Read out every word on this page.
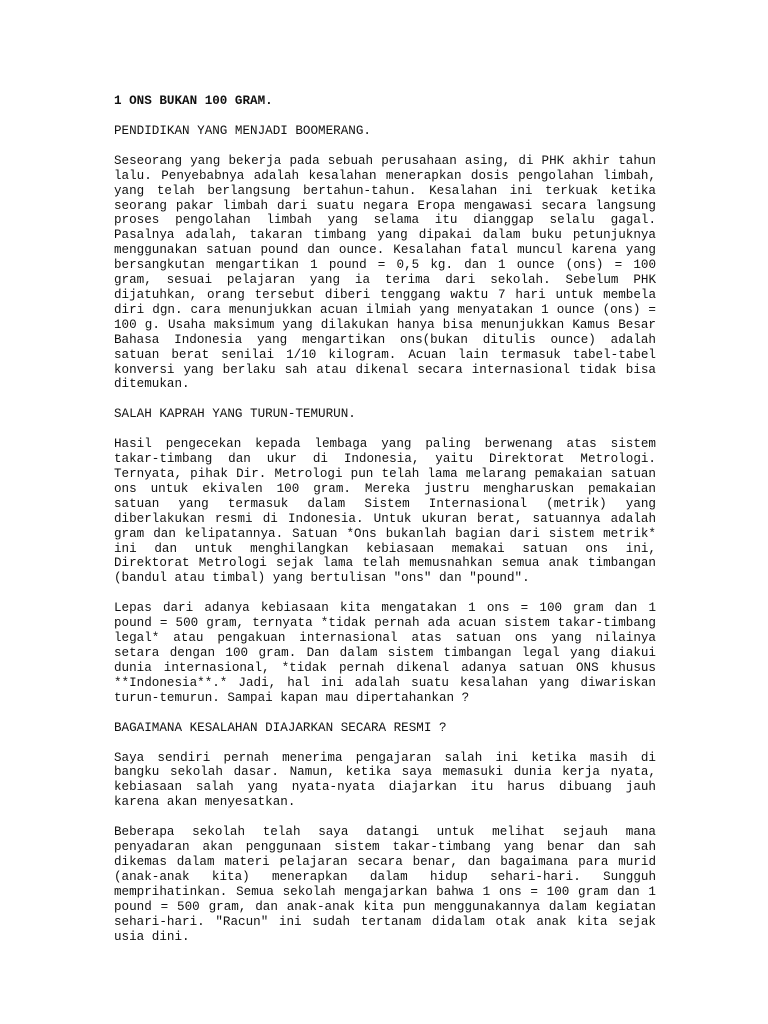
1 ONS BUKAN 100 GRAM.
PENDIDIKAN YANG MENJADI BOOMERANG.

Seseorang yang bekerja pada sebuah perusahaan asing, di PHK akhir tahun lalu. Penyebabnya adalah kesalahan menerapkan dosis pengolahan limbah, yang telah berlangsung bertahun-tahun. Kesalahan ini terkuak ketika seorang pakar limbah dari suatu negara Eropa mengawasi secara langsung proses pengolahan limbah yang selama itu dianggap selalu gagal. Pasalnya adalah, takaran timbang yang dipakai dalam buku petunjuknya menggunakan satuan pound dan ounce. Kesalahan fatal muncul karena yang bersangkutan mengartikan 1 pound = 0,5 kg. dan 1 ounce (ons) = 100 gram, sesuai pelajaran yang ia terima dari sekolah. Sebelum PHK dijatuhkan, orang tersebut diberi tenggang waktu 7 hari untuk membela diri dgn. cara menunjukkan acuan ilmiah yang menyatakan 1 ounce (ons) = 100 g. Usaha maksimum yang dilakukan hanya bisa menunjukkan Kamus Besar Bahasa Indonesia yang mengartikan ons(bukan ditulis ounce) adalah satuan berat senilai 1/10 kilogram. Acuan lain termasuk tabel-tabel konversi yang berlaku sah atau dikenal secara internasional tidak bisa ditemukan.

SALAH KAPRAH YANG TURUN-TEMURUN.

Hasil pengecekan kepada lembaga yang paling berwenang atas sistem takar-timbang dan ukur di Indonesia, yaitu Direktorat Metrologi. Ternyata, pihak Dir. Metrologi pun telah lama melarang pemakaian satuan ons untuk ekivalen 100 gram. Mereka justru mengharuskan pemakaian satuan yang termasuk dalam Sistem Internasional (metrik) yang diberlakukan resmi di Indonesia. Untuk ukuran berat, satuannya adalah gram dan kelipatannya. Satuan *Ons bukanlah bagian dari sistem metrik* ini dan untuk menghilangkan kebiasaan memakai satuan ons ini, Direktorat Metrologi sejak lama telah memusnahkan semua anak timbangan (bandul atau timbal) yang bertulisan "ons" dan "pound".

Lepas dari adanya kebiasaan kita mengatakan 1 ons = 100 gram dan 1 pound = 500 gram, ternyata *tidak pernah ada acuan sistem takar-timbang legal* atau pengakuan internasional atas satuan ons yang nilainya setara dengan 100 gram. Dan dalam sistem timbangan legal yang diakui dunia internasional, *tidak pernah dikenal adanya satuan ONS khusus **Indonesia**.* Jadi, hal ini adalah suatu kesalahan yang diwariskan turun-temurun. Sampai kapan mau dipertahankan ?

BAGAIMANA KESALAHAN DIAJARKAN SECARA RESMI ?

Saya sendiri pernah menerima pengajaran salah ini ketika masih di bangku sekolah dasar. Namun, ketika saya memasuki dunia kerja nyata, kebiasaan salah yang nyata-nyata diajarkan itu harus dibuang jauh karena akan menyesatkan.

Beberapa sekolah telah saya datangi untuk melihat sejauh mana penyadaran akan penggunaan sistem takar-timbang yang benar dan sah dikemas dalam materi pelajaran secara benar, dan bagaimana para murid (anak-anak kita) menerapkan dalam hidup sehari-hari. Sungguh memprihatinkan. Semua sekolah mengajarkan bahwa 1 ons = 100 gram dan 1 pound = 500 gram, dan anak-anak kita pun menggunakannya dalam kegiatan sehari-hari. "Racun" ini sudah tertanam didalam otak anak kita sejak usia dini.
